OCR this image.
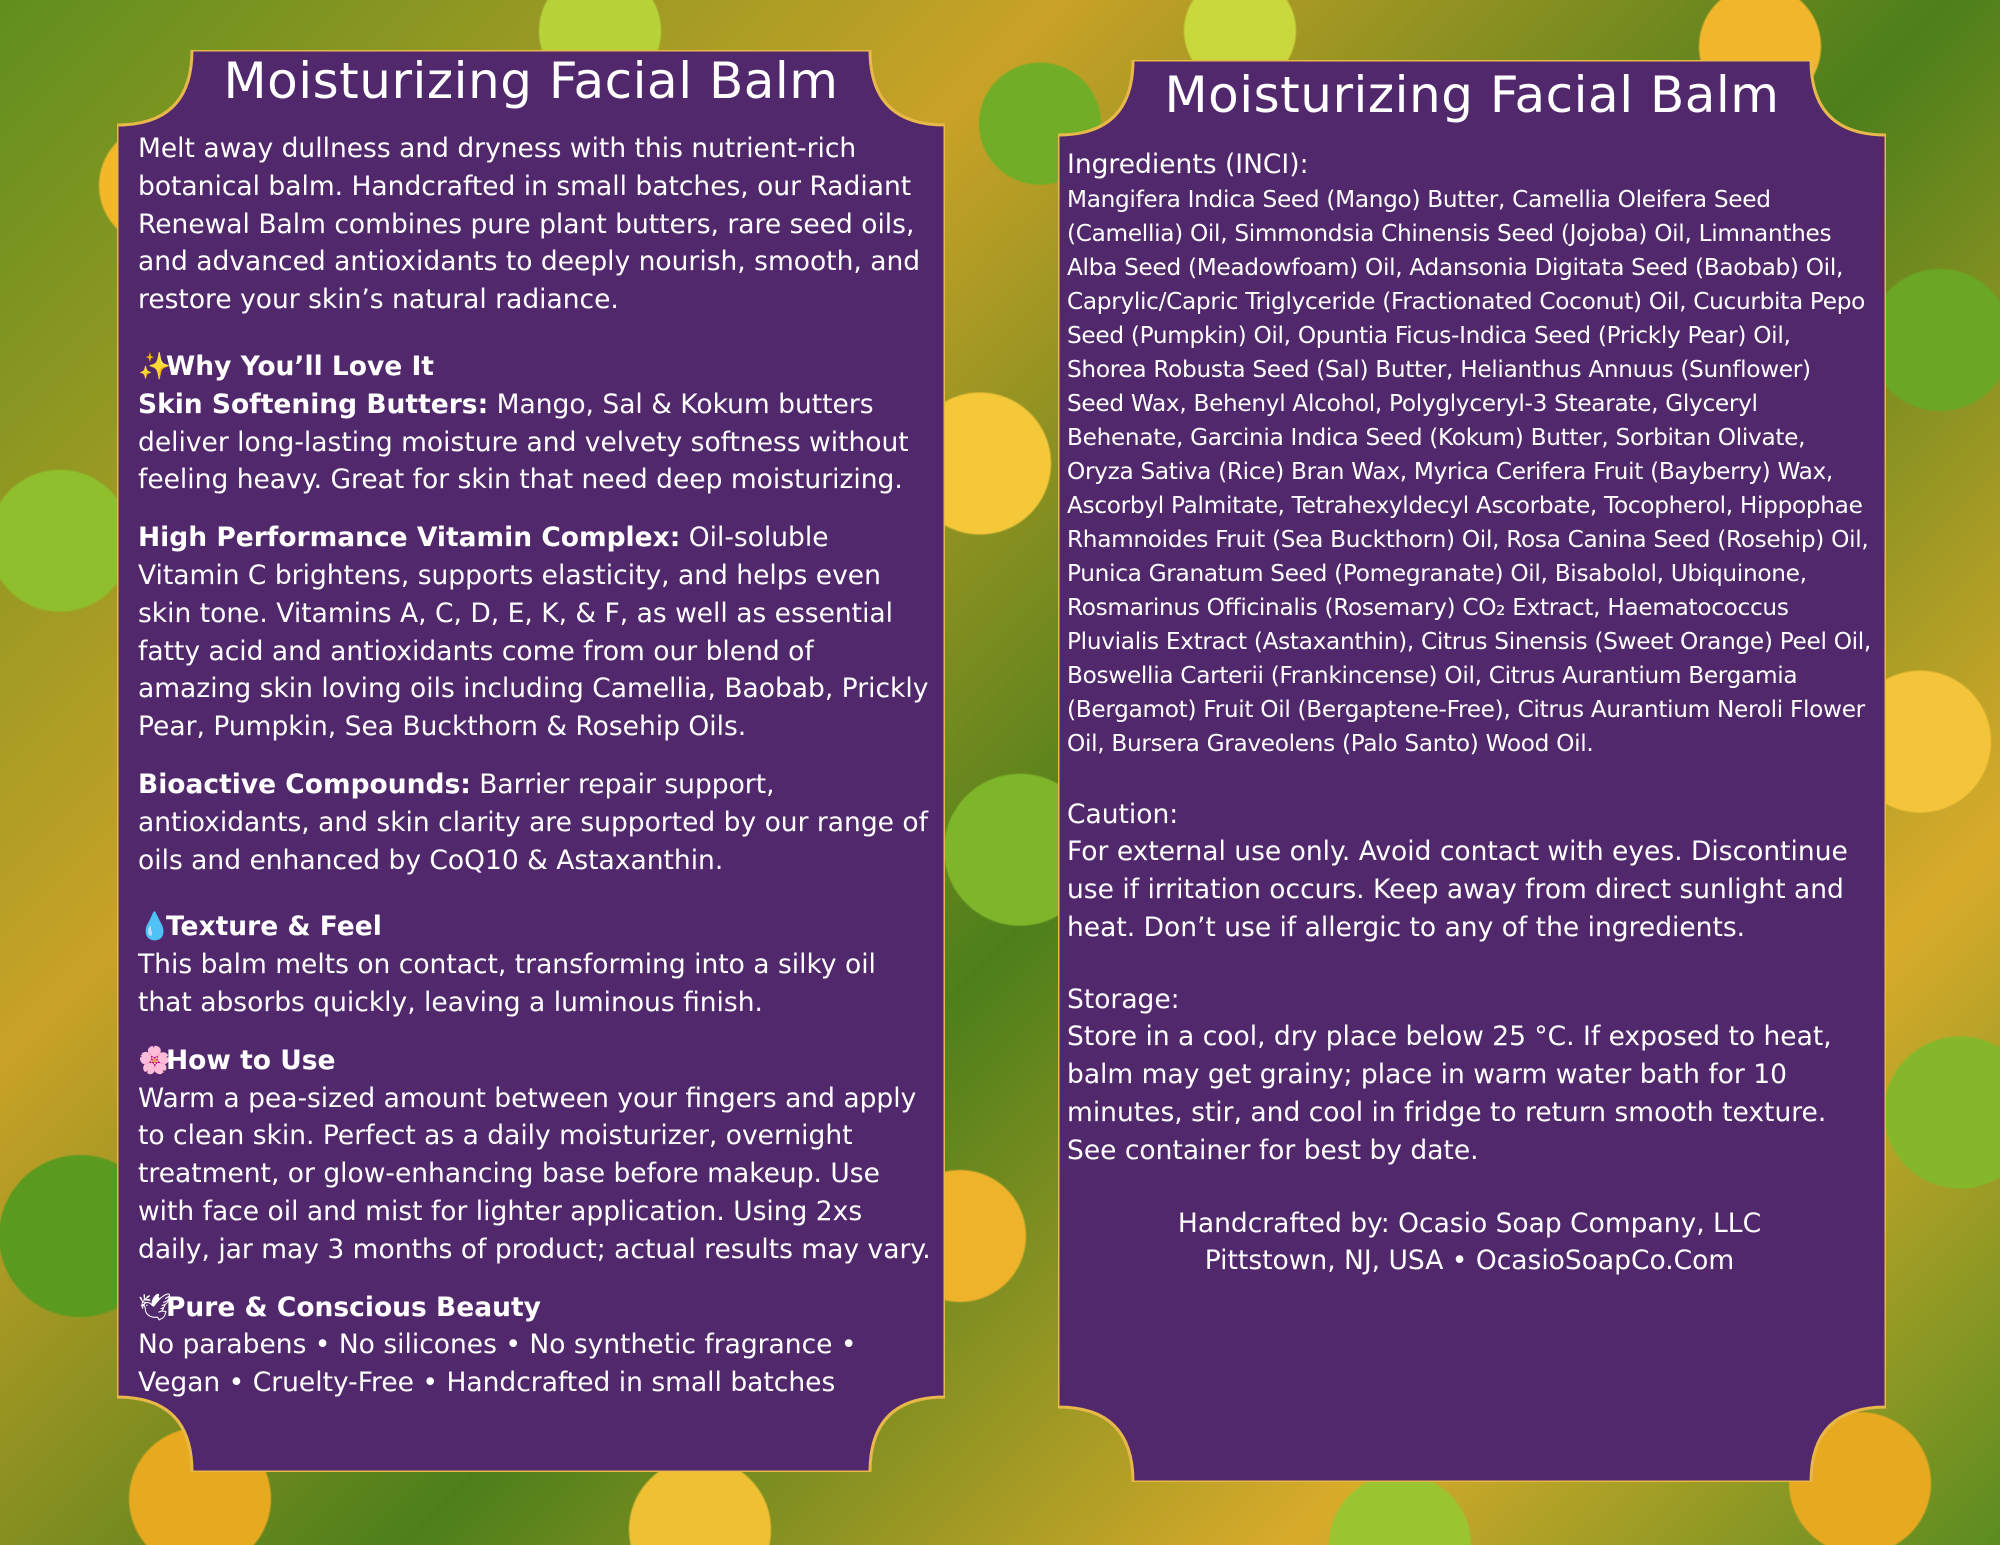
Moisturizing Facial Balm

Melt away dullness and dryness with this nutrient-rich botanical balm. Handcrafted in small batches, our Radiant Renewal Balm combines pure plant butters, rare seed oils, and advanced antioxidants to deeply nourish, smooth, and restore your skin’s natural radiance.

✨Why You’ll Love It

Skin Softening Butters: Mango, Sal & Kokum butters deliver long-lasting moisture and velvety softness without feeling heavy. Great for skin that need deep moisturizing.

High Performance Vitamin Complex: Oil-soluble Vitamin C brightens, supports elasticity, and helps even skin tone. Vitamins A, C, D, E, K, & F, as well as essential fatty acid and antioxidants come from our blend of amazing skin loving oils including Camellia, Baobab, Prickly Pear, Pumpkin, Sea Buckthorn & Rosehip Oils.

Bioactive Compounds: Barrier repair support, antioxidants, and skin clarity are supported by our range of oils and enhanced by CoQ10 & Astaxanthin.

💧Texture & Feel

This balm melts on contact, transforming into a silky oil that absorbs quickly, leaving a luminous finish.

🌸How to Use

Warm a pea-sized amount between your fingers and apply to clean skin. Perfect as a daily moisturizer, overnight treatment, or glow-enhancing base before makeup. Use with face oil and mist for lighter application. Using 2xs daily, jar may 3 months of product; actual results may vary.

🕊Pure & Conscious Beauty

No parabens • No silicones • No synthetic fragrance • Vegan • Cruelty-Free • Handcrafted in small batches

Moisturizing Facial Balm
Ingredients (INCI):

Mangifera Indica Seed (Mango) Butter, Camellia Oleifera Seed (Camellia) Oil, Simmondsia Chinensis Seed (Jojoba) Oil, Limnanthes Alba Seed (Meadowfoam) Oil, Adansonia Digitata Seed (Baobab) Oil, Caprylic/Capric Triglyceride (Fractionated Coconut) Oil, Cucurbita Pepo Seed (Pumpkin) Oil, Opuntia Ficus-Indica Seed (Prickly Pear) Oil, Shorea Robusta Seed (Sal) Butter, Helianthus Annuus (Sunflower) Seed Wax, Behenyl Alcohol, Polyglyceryl-3 Stearate, Glyceryl Behenate, Garcinia Indica Seed (Kokum) Butter, Sorbitan Olivate, Oryza Sativa (Rice) Bran Wax, Myrica Cerifera Fruit (Bayberry) Wax, Ascorbyl Palmitate, Tetrahexyldecyl Ascorbate, Tocopherol, Hippophae Rhamnoides Fruit (Sea Buckthorn) Oil, Rosa Canina Seed (Rosehip) Oil, Punica Granatum Seed (Pomegranate) Oil, Bisabolol, Ubiquinone, Rosmarinus Officinalis (Rosemary) CO₂ Extract, Haematococcus Pluvialis Extract (Astaxanthin), Citrus Sinensis (Sweet Orange) Peel Oil, Boswellia Carterii (Frankincense) Oil, Citrus Aurantium Bergamia (Bergamot) Fruit Oil (Bergaptene-Free), Citrus Aurantium Neroli Flower Oil, Bursera Graveolens (Palo Santo) Wood Oil.

Caution:

For external use only. Avoid contact with eyes. Discontinue use if irritation occurs. Keep away from direct sunlight and heat. Don’t use if allergic to any of the ingredients.

Storage:

Store in a cool, dry place below 25 °C. If exposed to heat, balm may get grainy; place in warm water bath for 10 minutes, stir, and cool in fridge to return smooth texture. See container for best by date.

Handcrafted by: Ocasio Soap Company, LLC
Pittstown, NJ, USA • OcasioSoapCo.Com
